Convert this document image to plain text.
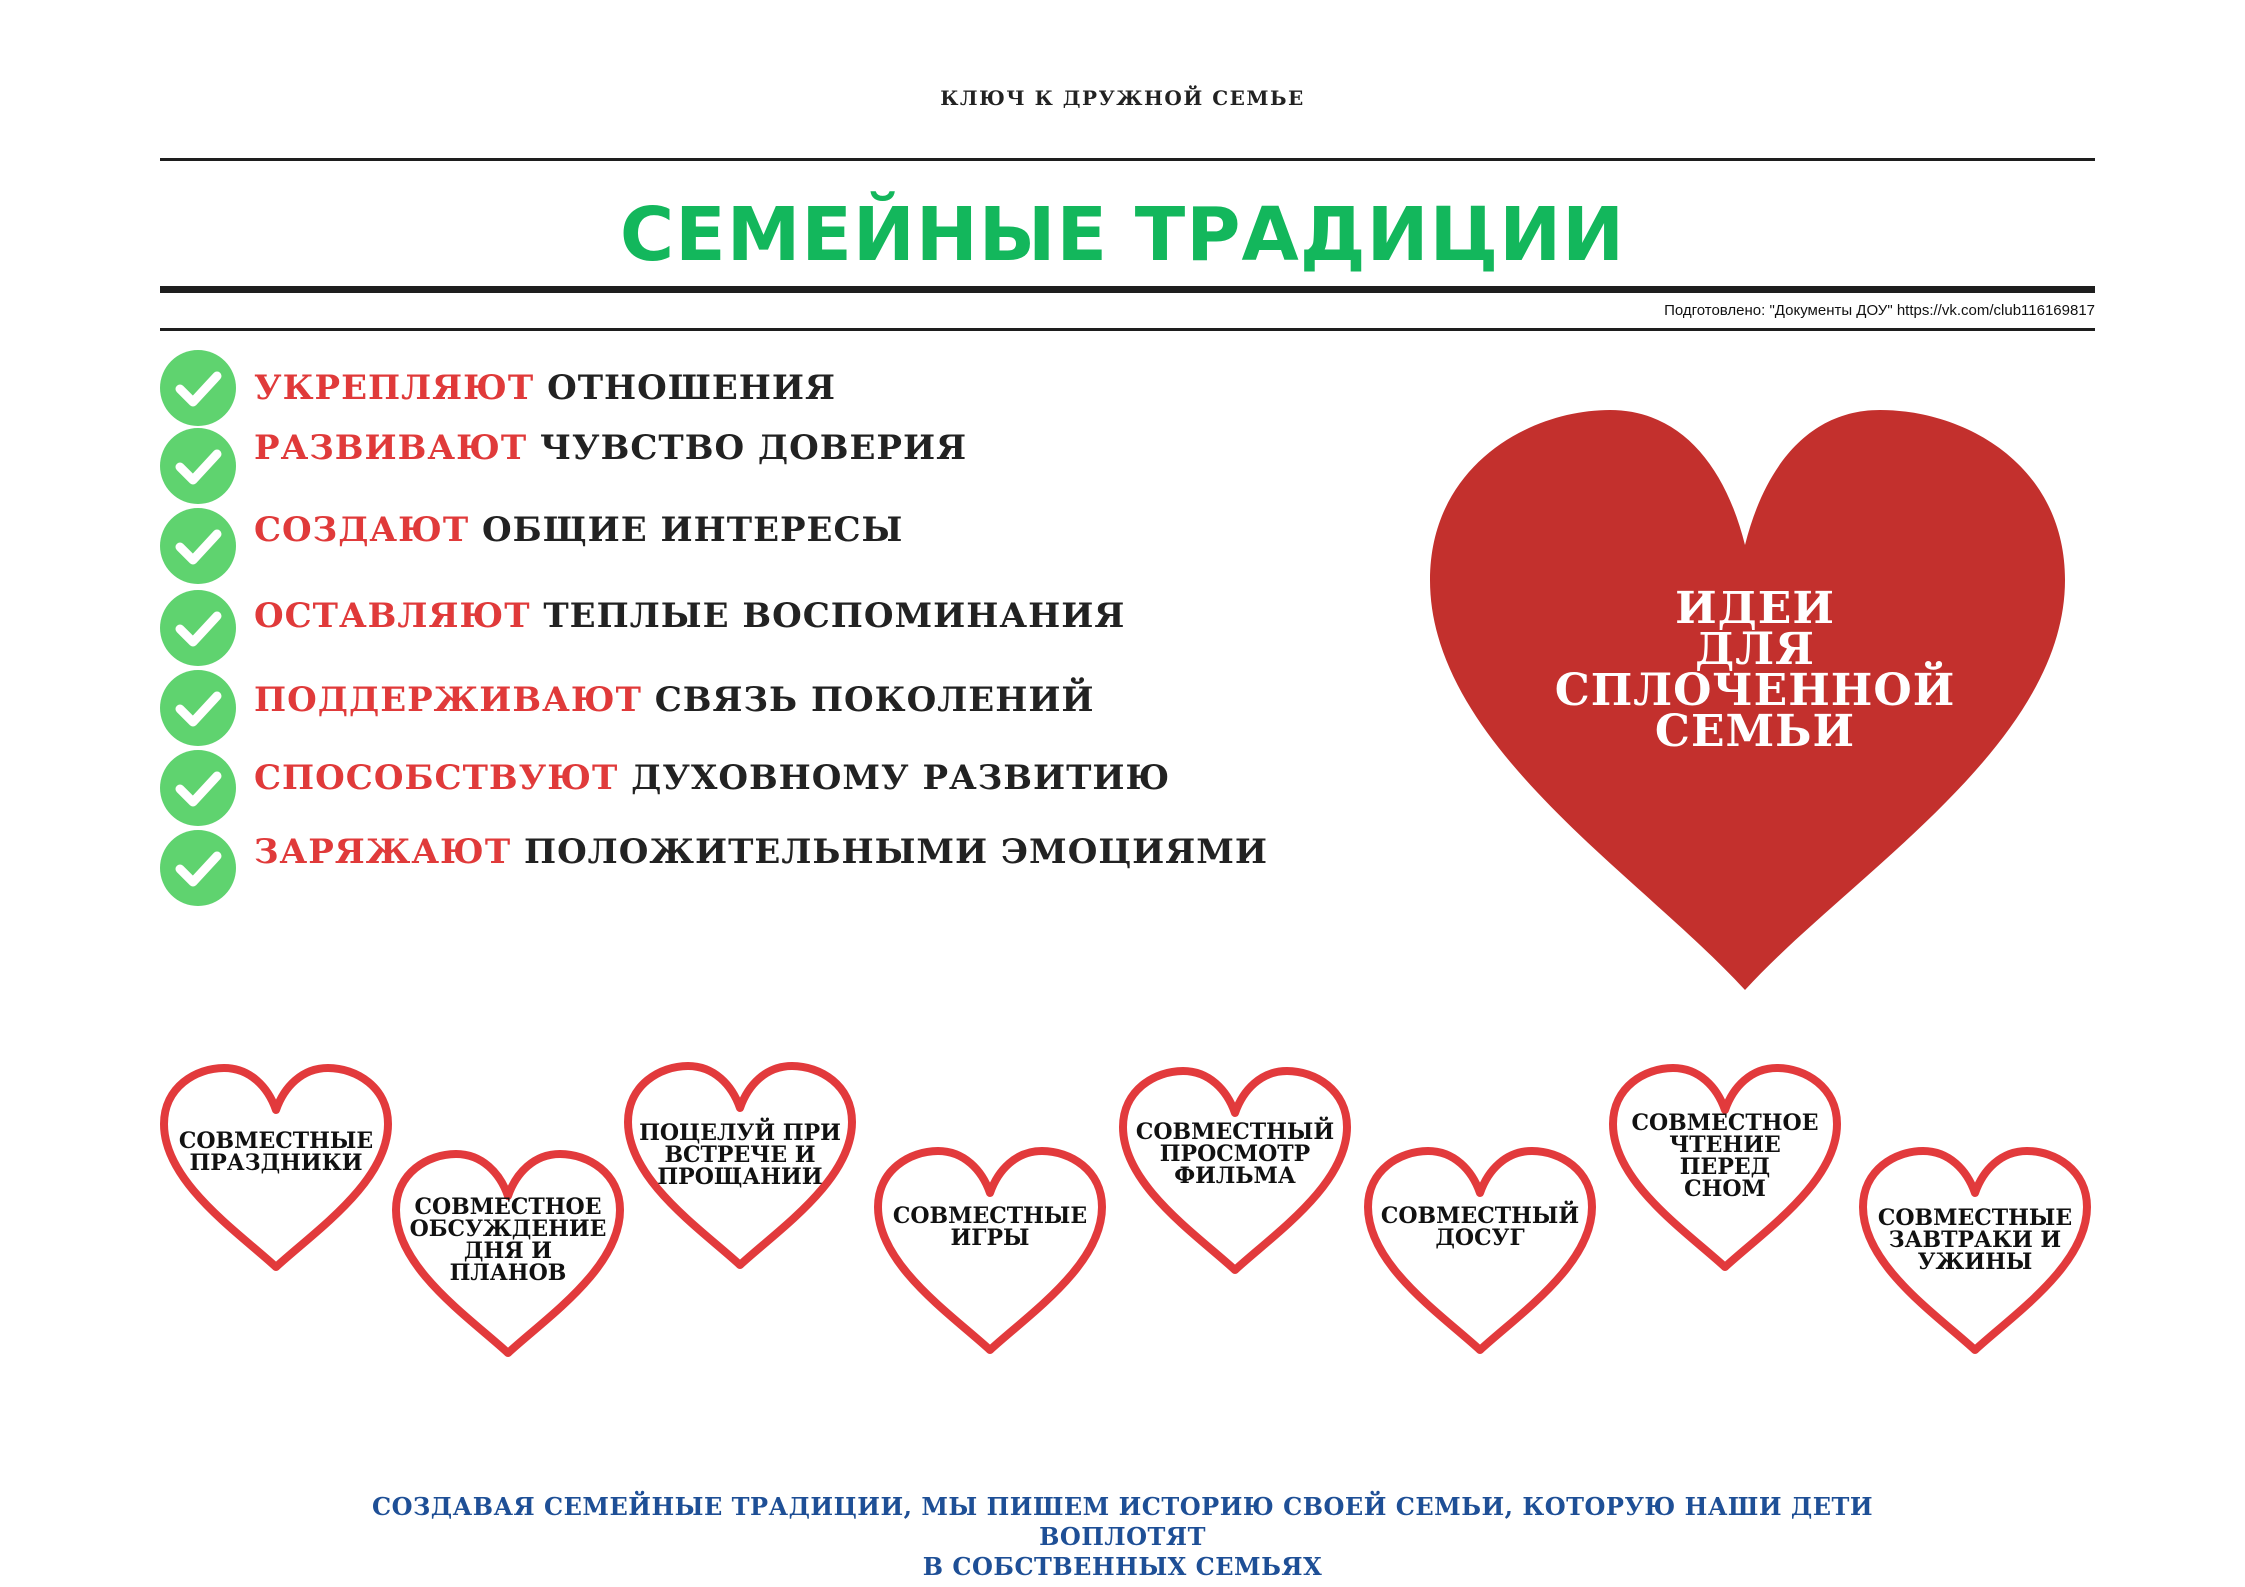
КЛЮЧ К ДРУЖНОЙ СЕМЬЕ
СЕМЕЙНЫЕ ТРАДИЦИИ
Подготовлено: "Документы ДОУ" https://vk.com/club116169817
УКРЕПЛЯЮТ ОТНОШЕНИЯ
РАЗВИВАЮТ ЧУВСТВО ДОВЕРИЯ
СОЗДАЮТ ОБЩИЕ ИНТЕРЕСЫ
ОСТАВЛЯЮТ ТЕПЛЫЕ ВОСПОМИНАНИЯ
ПОДДЕРЖИВАЮТ СВЯЗЬ ПОКОЛЕНИЙ
СПОСОБСТВУЮТ ДУХОВНОМУ РАЗВИТИЮ
ЗАРЯЖАЮТ ПОЛОЖИТЕЛЬНЫМИ ЭМОЦИЯМИ
ИДЕИ
ДЛЯ
СПЛОЧЕННОЙ
СЕМЬИ
СОВМЕСТНЫЕ
ПРАЗДНИКИ
СОВМЕСТНОЕ
ОБСУЖДЕНИЕ
ДНЯ И
ПЛАНОВ
ПОЦЕЛУЙ ПРИ
ВСТРЕЧЕ И
ПРОЩАНИИ
СОВМЕСТНЫЕ
ИГРЫ
СОВМЕСТНЫЙ
ПРОСМОТР
ФИЛЬМА
СОВМЕСТНЫЙ
ДОСУГ
СОВМЕСТНОЕ
ЧТЕНИЕ
ПЕРЕД
СНОМ
СОВМЕСТНЫЕ
ЗАВТРАКИ И
УЖИНЫ
СОЗДАВАЯ СЕМЕЙНЫЕ ТРАДИЦИИ, МЫ ПИШЕМ ИСТОРИЮ СВОЕЙ СЕМЬИ, КОТОРУЮ НАШИ ДЕТИ ВОПЛОТЯТ
В СОБСТВЕННЫХ СЕМЬЯХ
